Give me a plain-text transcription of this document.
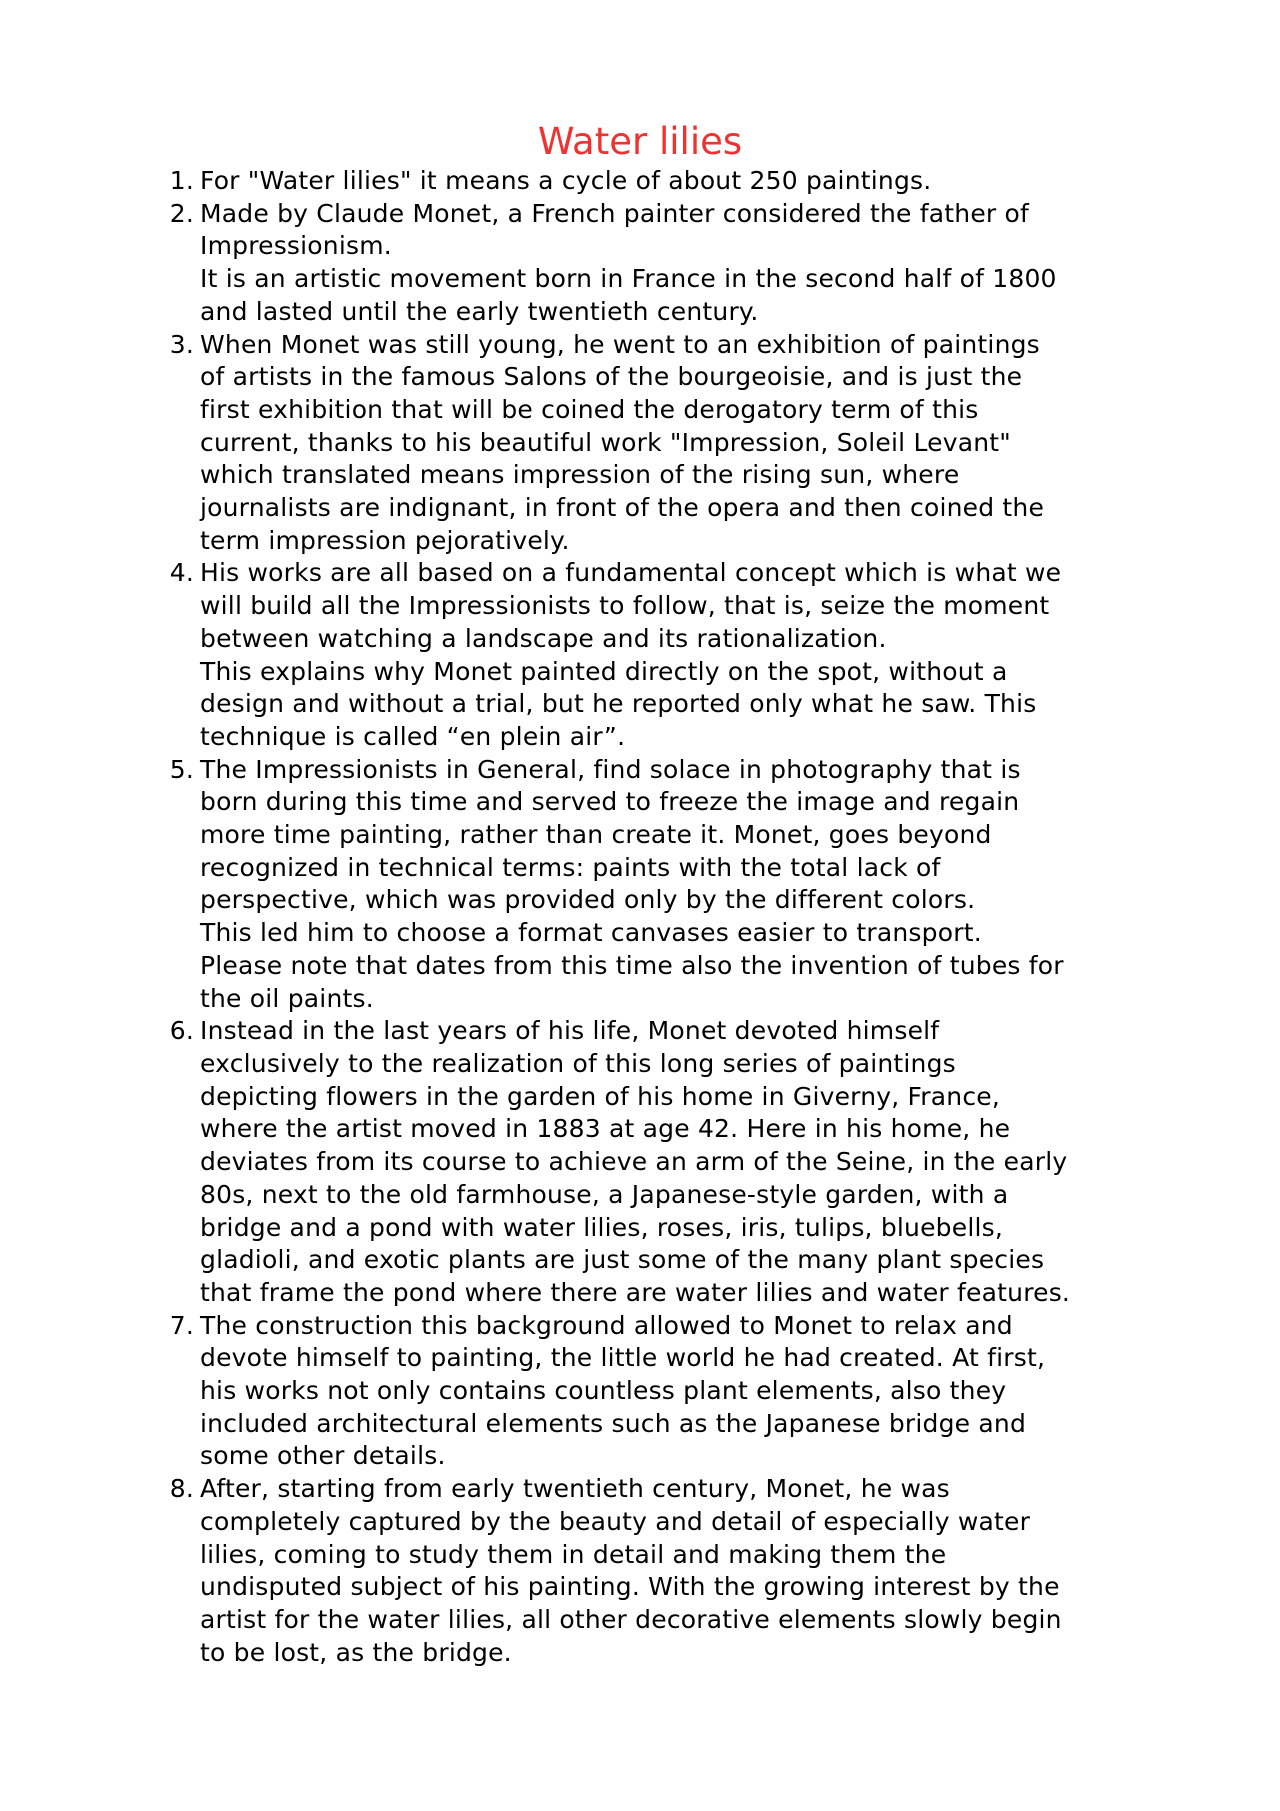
Water lilies
1. For "Water lilies" it means a cycle of about 250 paintings.
2. Made by Claude Monet, a French painter considered the father of
Impressionism.
It is an artistic movement born in France in the second half of 1800
and lasted until the early twentieth century.
3. When Monet was still young, he went to an exhibition of paintings
of artists in the famous Salons of the bourgeoisie, and is just the
first exhibition that will be coined the derogatory term of this
current, thanks to his beautiful work "Impression, Soleil Levant"
which translated means impression of the rising sun, where
journalists are indignant, in front of the opera and then coined the
term impression pejoratively.
4. His works are all based on a fundamental concept which is what we
will build all the Impressionists to follow, that is, seize the moment
between watching a landscape and its rationalization.
This explains why Monet painted directly on the spot, without a
design and without a trial, but he reported only what he saw. This
technique is called “en plein air”.
5. The Impressionists in General, find solace in photography that is
born during this time and served to freeze the image and regain
more time painting, rather than create it. Monet, goes beyond
recognized in technical terms: paints with the total lack of
perspective, which was provided only by the different colors.
This led him to choose a format canvases easier to transport.
Please note that dates from this time also the invention of tubes for
the oil paints.
6. Instead in the last years of his life, Monet devoted himself
exclusively to the realization of this long series of paintings
depicting flowers in the garden of his home in Giverny, France,
where the artist moved in 1883 at age 42. Here in his home, he
deviates from its course to achieve an arm of the Seine, in the early
80s, next to the old farmhouse, a Japanese-style garden, with a
bridge and a pond with water lilies, roses, iris, tulips, bluebells,
gladioli, and exotic plants are just some of the many plant species
that frame the pond where there are water lilies and water features.
7. The construction this background allowed to Monet to relax and
devote himself to painting, the little world he had created. At first,
his works not only contains countless plant elements, also they
included architectural elements such as the Japanese bridge and
some other details.
8. After, starting from early twentieth century, Monet, he was
completely captured by the beauty and detail of especially water
lilies, coming to study them in detail and making them the
undisputed subject of his painting. With the growing interest by the
artist for the water lilies, all other decorative elements slowly begin
to be lost, as the bridge.
